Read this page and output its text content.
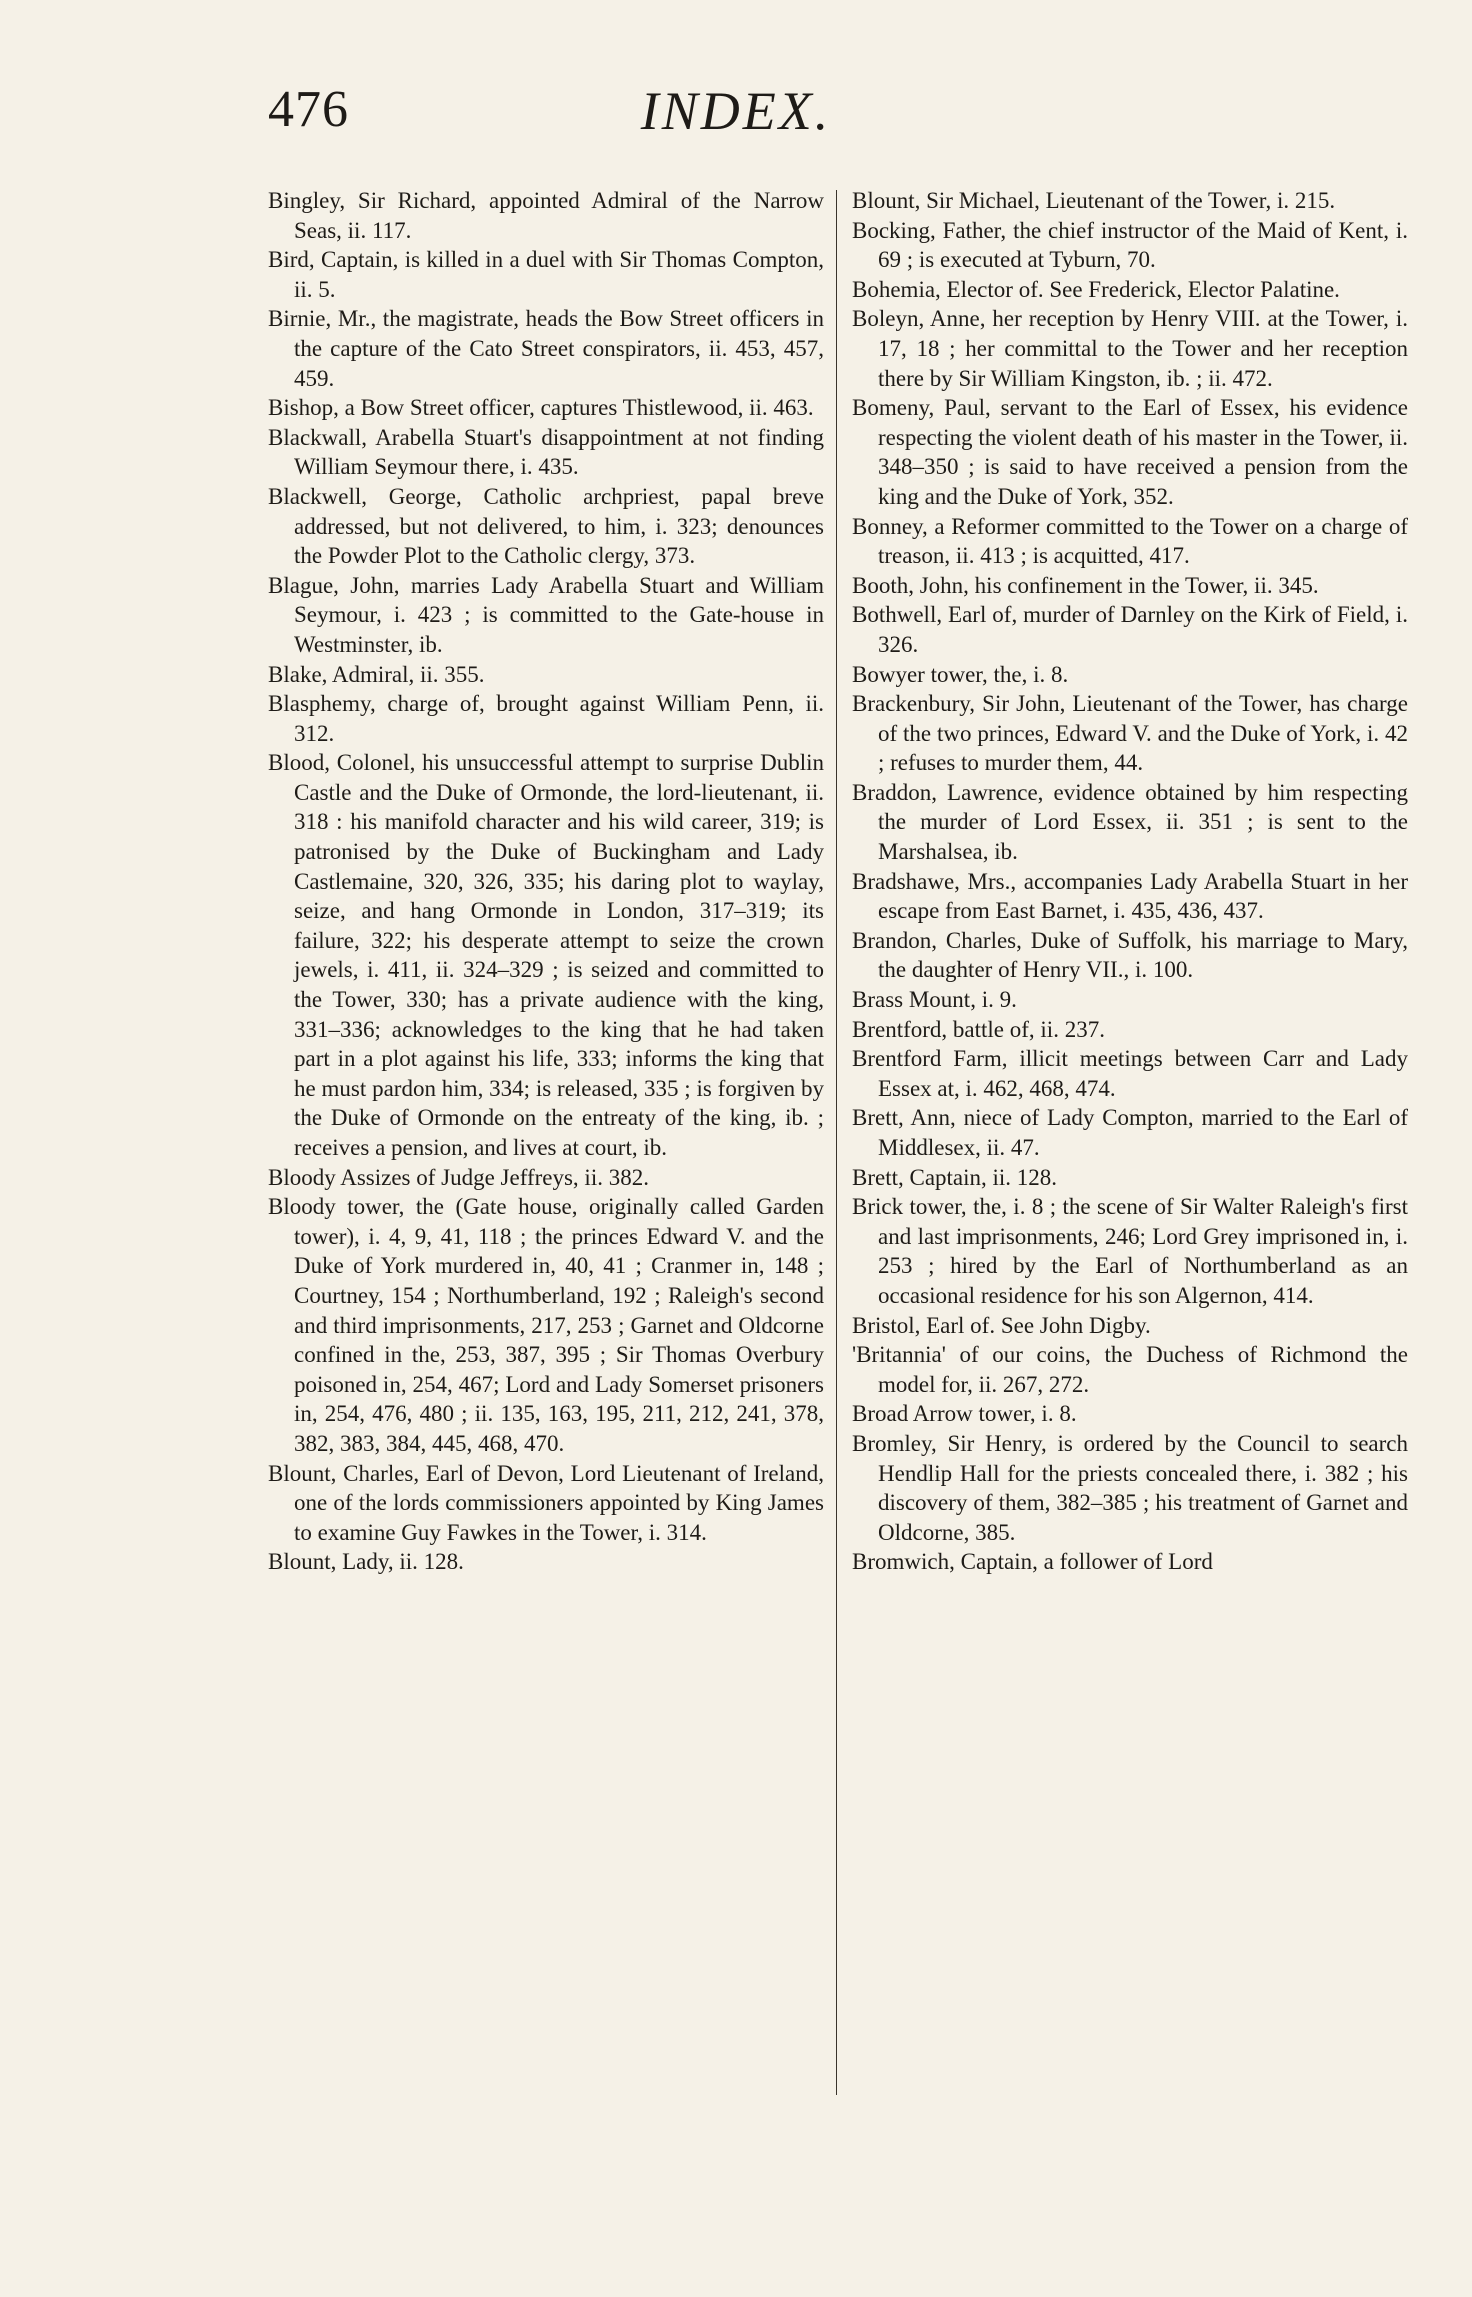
476	INDEX.
Bingley, Sir Richard, appointed Admiral of the Narrow Seas, ii. 117.
Bird, Captain, is killed in a duel with Sir Thomas Compton, ii. 5.
Birnie, Mr., the magistrate, heads the Bow Street officers in the capture of the Cato Street conspirators, ii. 453, 457, 459.
Bishop, a Bow Street officer, captures Thistlewood, ii. 463.
Blackwall, Arabella Stuart's disappointment at not finding William Seymour there, i. 435.
Blackwell, George, Catholic archpriest, papal breve addressed, but not delivered, to him, i. 323; denounces the Powder Plot to the Catholic clergy, 373.
Blague, John, marries Lady Arabella Stuart and William Seymour, i. 423 ; is committed to the Gate-house in Westminster, ib.
Blake, Admiral, ii. 355.
Blasphemy, charge of, brought against William Penn, ii. 312.
Blood, Colonel, his unsuccessful attempt to surprise Dublin Castle and the Duke of Ormonde, the lord-lieutenant, ii. 318 : his manifold character and his wild career, 319; is patronised by the Duke of Buckingham and Lady Castlemaine, 320, 326, 335; his daring plot to waylay, seize, and hang Ormonde in London, 317–319; its failure, 322; his desperate attempt to seize the crown jewels, i. 411, ii. 324–329 ; is seized and committed to the Tower, 330; has a private audience with the king, 331–336; acknowledges to the king that he had taken part in a plot against his life, 333; informs the king that he must pardon him, 334; is released, 335 ; is forgiven by the Duke of Ormonde on the entreaty of the king, ib. ; receives a pension, and lives at court, ib.
Bloody Assizes of Judge Jeffreys, ii. 382.
Bloody tower, the (Gate house, originally called Garden tower), i. 4, 9, 41, 118 ; the princes Edward V. and the Duke of York murdered in, 40, 41 ; Cranmer in, 148 ; Courtney, 154 ; Northumberland, 192 ; Raleigh's second and third imprisonments, 217, 253 ; Garnet and Oldcorne confined in the, 253, 387, 395 ; Sir Thomas Overbury poisoned in, 254, 467; Lord and Lady Somerset prisoners in, 254, 476, 480 ; ii. 135, 163, 195, 211, 212, 241, 378, 382, 383, 384, 445, 468, 470.
Blount, Charles, Earl of Devon, Lord Lieutenant of Ireland, one of the lords commissioners appointed by King James to examine Guy Fawkes in the Tower, i. 314.
Blount, Lady, ii. 128.
Blount, Sir Michael, Lieutenant of the Tower, i. 215.
Bocking, Father, the chief instructor of the Maid of Kent, i. 69 ; is executed at Tyburn, 70.
Bohemia, Elector of. See Frederick, Elector Palatine.
Boleyn, Anne, her reception by Henry VIII. at the Tower, i. 17, 18 ; her committal to the Tower and her reception there by Sir William Kingston, ib. ; ii. 472.
Bomeny, Paul, servant to the Earl of Essex, his evidence respecting the violent death of his master in the Tower, ii. 348–350 ; is said to have received a pension from the king and the Duke of York, 352.
Bonney, a Reformer committed to the Tower on a charge of treason, ii. 413 ; is acquitted, 417.
Booth, John, his confinement in the Tower, ii. 345.
Bothwell, Earl of, murder of Darnley on the Kirk of Field, i. 326.
Bowyer tower, the, i. 8.
Brackenbury, Sir John, Lieutenant of the Tower, has charge of the two princes, Edward V. and the Duke of York, i. 42 ; refuses to murder them, 44.
Braddon, Lawrence, evidence obtained by him respecting the murder of Lord Essex, ii. 351 ; is sent to the Marshalsea, ib.
Bradshawe, Mrs., accompanies Lady Arabella Stuart in her escape from East Barnet, i. 435, 436, 437.
Brandon, Charles, Duke of Suffolk, his marriage to Mary, the daughter of Henry VII., i. 100.
Brass Mount, i. 9.
Brentford, battle of, ii. 237.
Brentford Farm, illicit meetings between Carr and Lady Essex at, i. 462, 468, 474.
Brett, Ann, niece of Lady Compton, married to the Earl of Middlesex, ii. 47.
Brett, Captain, ii. 128.
Brick tower, the, i. 8 ; the scene of Sir Walter Raleigh's first and last imprisonments, 246; Lord Grey imprisoned in, i. 253 ; hired by the Earl of Northumberland as an occasional residence for his son Algernon, 414.
Bristol, Earl of. See John Digby.
'Britannia' of our coins, the Duchess of Richmond the model for, ii. 267, 272.
Broad Arrow tower, i. 8.
Bromley, Sir Henry, is ordered by the Council to search Hendlip Hall for the priests concealed there, i. 382 ; his discovery of them, 382–385 ; his treatment of Garnet and Oldcorne, 385.
Bromwich, Captain, a follower of Lord
